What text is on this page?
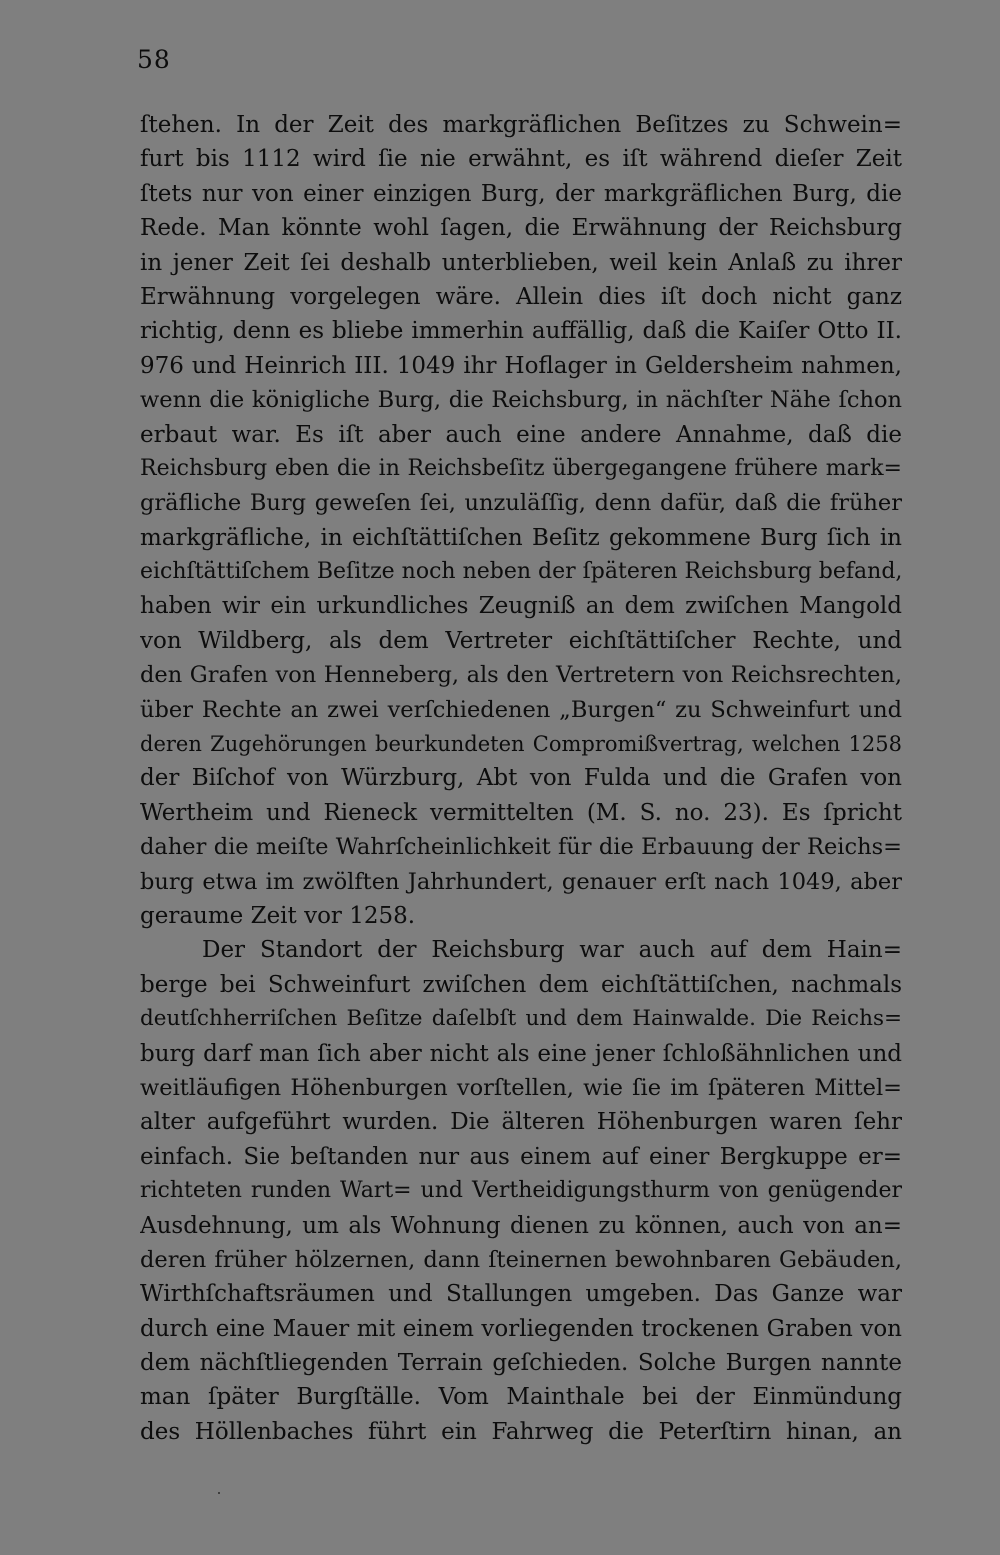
58
ſtehen. In der Zeit des markgräflichen Beſitzes zu Schwein=
furt bis 1112 wird ſie nie erwähnt, es iſt während dieſer Zeit
ſtets nur von einer einzigen Burg, der markgräflichen Burg, die
Rede. Man könnte wohl ſagen, die Erwähnung der Reichsburg
in jener Zeit ſei deshalb unterblieben, weil kein Anlaß zu ihrer
Erwähnung vorgelegen wäre. Allein dies iſt doch nicht ganz
richtig, denn es bliebe immerhin auffällig, daß die Kaiſer Otto II.
976 und Heinrich III. 1049 ihr Hoflager in Geldersheim nahmen,
wenn die königliche Burg, die Reichsburg, in nächſter Nähe ſchon
erbaut war. Es iſt aber auch eine andere Annahme, daß die
Reichsburg eben die in Reichsbeſitz übergegangene frühere mark=
gräfliche Burg geweſen ſei, unzuläſſig, denn dafür, daß die früher
markgräfliche, in eichſtättiſchen Beſitz gekommene Burg ſich in
eichſtättiſchem Beſitze noch neben der ſpäteren Reichsburg befand,
haben wir ein urkundliches Zeugniß an dem zwiſchen Mangold
von Wildberg, als dem Vertreter eichſtättiſcher Rechte, und
den Grafen von Henneberg, als den Vertretern von Reichsrechten,
über Rechte an zwei verſchiedenen „Burgen“ zu Schweinfurt und
deren Zugehörungen beurkundeten Compromißvertrag, welchen 1258
der Biſchof von Würzburg, Abt von Fulda und die Grafen von
Wertheim und Rieneck vermittelten (M. S. no. 23). Es ſpricht
daher die meiſte Wahrſcheinlichkeit für die Erbauung der Reichs=
burg etwa im zwölften Jahrhundert, genauer erſt nach 1049, aber
geraume Zeit vor 1258.
Der Standort der Reichsburg war auch auf dem Hain=
berge bei Schweinfurt zwiſchen dem eichſtättiſchen, nachmals
deutſchherriſchen Beſitze daſelbſt und dem Hainwalde. Die Reichs=
burg darf man ſich aber nicht als eine jener ſchloßähnlichen und
weitläufigen Höhenburgen vorſtellen, wie ſie im ſpäteren Mittel=
alter aufgeführt wurden. Die älteren Höhenburgen waren ſehr
einfach. Sie beſtanden nur aus einem auf einer Bergkuppe er=
richteten runden Wart= und Vertheidigungsthurm von genügender
Ausdehnung, um als Wohnung dienen zu können, auch von an=
deren früher hölzernen, dann ſteinernen bewohnbaren Gebäuden,
Wirthſchaftsräumen und Stallungen umgeben. Das Ganze war
durch eine Mauer mit einem vorliegenden trockenen Graben von
dem nächſtliegenden Terrain geſchieden. Solche Burgen nannte
man ſpäter Burgſtälle. Vom Mainthale bei der Einmündung
des Höllenbaches führt ein Fahrweg die Peterſtirn hinan, an
